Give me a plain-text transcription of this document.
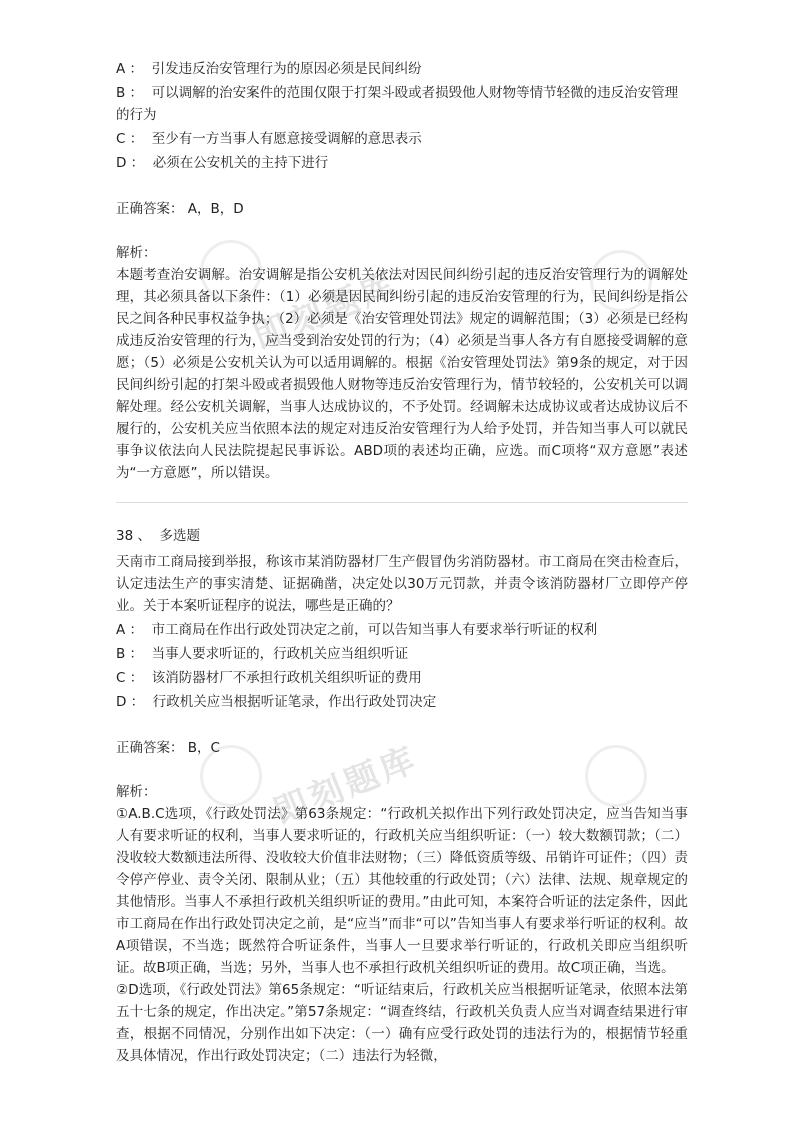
即刻题库
即刻题库
A ：  引发违反治安管理行为的原因必须是民间纠纷
B ：  可以调解的治安案件的范围仅限于打架斗殴或者损毁他人财物等情节轻微的违反治安管理的行为
C ：  至少有一方当事人有愿意接受调解的意思表示
D ：  必须在公安机关的主持下进行
正确答案： A，B，D
解析：
本题考查治安调解。治安调解是指公安机关依法对因民间纠纷引起的违反治安管理行为的调解处理，其必须具备以下条件：（1）必须是因民间纠纷引起的违反治安管理的行为，民间纠纷是指公民之间各种民事权益争执；（2）必须是《治安管理处罚法》规定的调解范围；（3）必须是已经构成违反治安管理的行为，应当受到治安处罚的行为；（4）必须是当事人各方有自愿接受调解的意愿；（5）必须是公安机关认为可以适用调解的。根据《治安管理处罚法》第9条的规定，对于因民间纠纷引起的打架斗殴或者损毁他人财物等违反治安管理行为，情节较轻的，公安机关可以调解处理。经公安机关调解，当事人达成协议的，不予处罚。经调解未达成协议或者达成协议后不履行的，公安机关应当依照本法的规定对违反治安管理行为人给予处罚，并告知当事人可以就民事争议依法向人民法院提起民事诉讼。ABD项的表述均正确，应选。而C项将“双方意愿”表述为“一方意愿”，所以错误。
38 、  多选题
天南市工商局接到举报，称该市某消防器材厂生产假冒伪劣消防器材。市工商局在突击检查后，认定违法生产的事实清楚、证据确凿，决定处以30万元罚款，并责令该消防器材厂立即停产停业。关于本案听证程序的说法，哪些是正确的？
A ：  市工商局在作出行政处罚决定之前，可以告知当事人有要求举行听证的权利
B ：  当事人要求听证的，行政机关应当组织听证
C ：  该消防器材厂不承担行政机关组织听证的费用
D ：  行政机关应当根据听证笔录，作出行政处罚决定
正确答案： B，C
解析：
①A.B.C选项，《行政处罚法》第63条规定：“行政机关拟作出下列行政处罚决定，应当告知当事人有要求听证的权利，当事人要求听证的，行政机关应当组织听证：（一）较大数额罚款；（二）没收较大数额违法所得、没收较大价值非法财物；（三）降低资质等级、吊销许可证件；（四）责令停产停业、责令关闭、限制从业；（五）其他较重的行政处罚；（六）法律、法规、规章规定的其他情形。当事人不承担行政机关组织听证的费用。”由此可知，本案符合听证的法定条件，因此市工商局在作出行政处罚决定之前，是“应当”而非“可以”告知当事人有要求举行听证的权利。故A项错误，不当选；既然符合听证条件，当事人一旦要求举行听证的，行政机关即应当组织听证。故B项正确，当选；另外，当事人也不承担行政机关组织听证的费用。故C项正确，当选。
②D选项，《行政处罚法》第65条规定：“听证结束后，行政机关应当根据听证笔录，依照本法第五十七条的规定，作出决定。”第57条规定：“调查终结，行政机关负责人应当对调查结果进行审查，根据不同情况，分别作出如下决定：（一）确有应受行政处罚的违法行为的，根据情节轻重及具体情况，作出行政处罚决定；（二）违法行为轻微，
